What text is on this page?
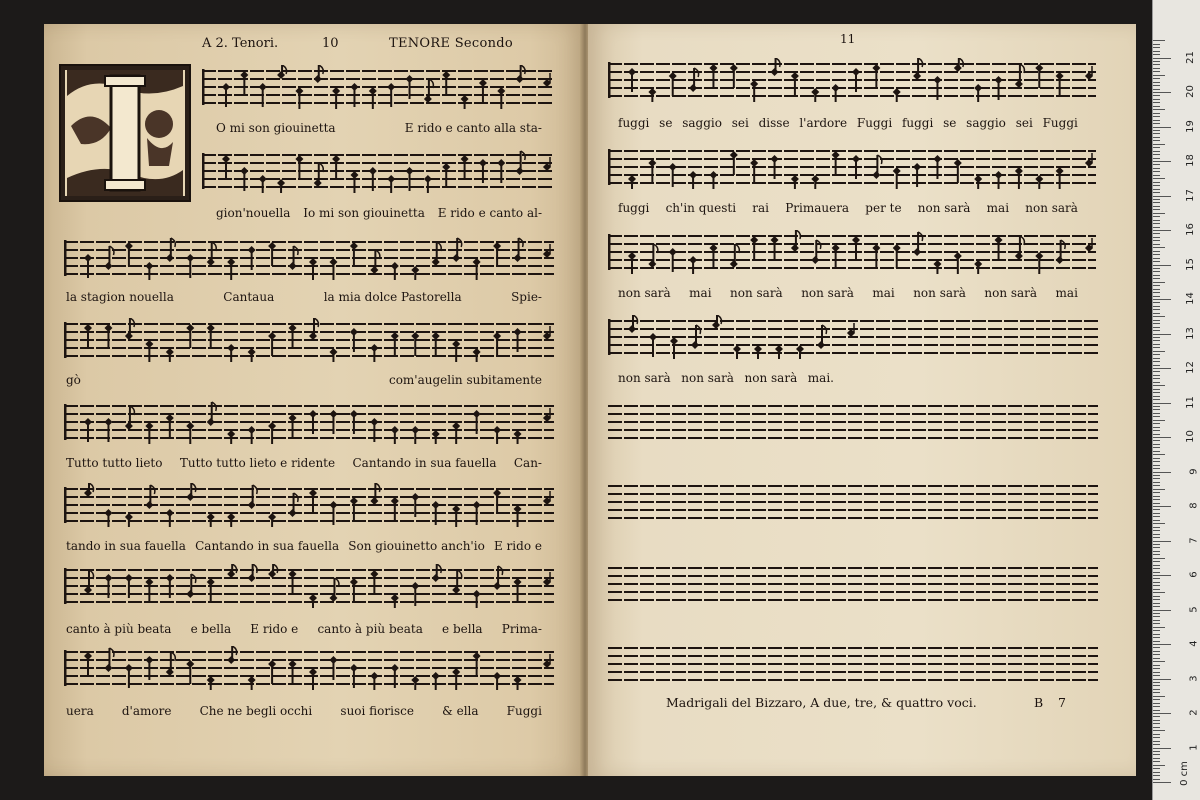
A 2. Tenori.	10	TENORE Secondo
O mi son giouinetta	E rido e canto alla sta-
gion'nouella Io mi son giouinetta E rido e canto al-
la stagion nouella	Cantaua	la mia dolce Pastorella	Spie-
gò	com'augelin subitamente
Tutto tutto lieto Tutto tutto lieto e ridente Cantando in sua fauella Can-
tando in sua fauella Cantando in sua fauella Son giouinetto anch'io E rido e
canto à più beata e bella E rido e canto à più beata e bella Prima-
uera d'amore Che ne begli occhi suoi fiorisce & ella Fuggi
11
fuggi se saggio sei disse l'ardore Fuggi fuggi se saggio sei Fuggi
fuggi ch'in questi rai Primauera per te non sarà mai non sarà
non sarà mai non sarà non sarà mai non sarà non sarà mai
non sarà non sarà non sarà mai.
Madrigali del Bizzaro, A due, tre, & quattro voci.	B 7
1
2
3
4
5
6
7
8
9
10
11
12
13
14
15
16
17
18
19
20
21
0 cm
